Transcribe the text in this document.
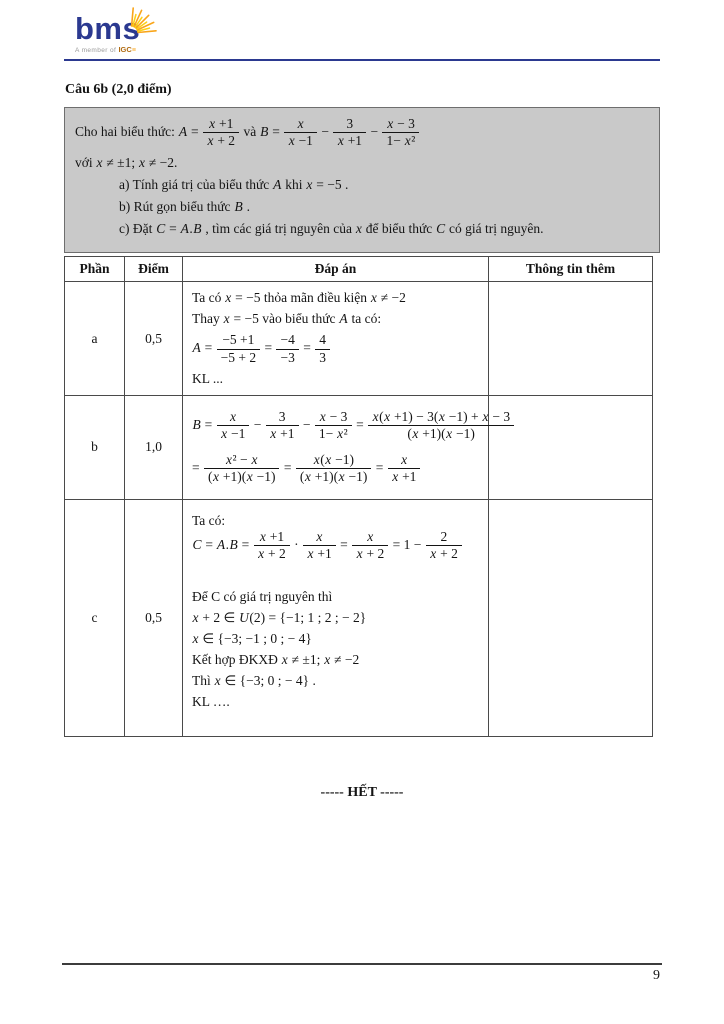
bms
A member of IGC≡
Câu 6b (2,0 điểm)
Cho hai biểu thức: $A = \frac{x +1}{x + 2}$ và $B = \frac{x}{x -1} - \frac{3}{x +1} - \frac{x - 3}{\text{1− x²}}$
với x ≠ ±1; x ≠ −2.
a) Tính giá trị của biểu thức A khi x = −5 .
b) Rút gọn biểu thức B .
c) Đặt C = A.B , tìm các giá trị nguyên của x để biểu thức C có giá trị nguyên.
Phần	Điểm	Đáp án	Thông tin thêm
a	0,5	
Ta có x = −5 thỏa mãn điều kiện x ≠ −2
Thay x = −5 vào biểu thức A ta có:
$A = \frac{-5 +1}{-5 + 2} = \frac{-4}{-3} = \frac{4}{3}$
KL ...

b	1,0	
$B = \frac{x}{x -1} - \frac{3}{x +1} - \frac{x - 3}{\text{1− x²}} = \frac{x(x +1) - 3(x -1) + x - 3}{(x +1)(x -1)}$
= $\frac{\text{x² − x}}{(x +1)(x -1)} = \frac{x(x -1)}{(x +1)(x -1)} = \frac{x}{x +1}$

c	0,5	
Ta có: $C = A.B = \frac{x +1}{x + 2} \cdot \frac{x}{x +1} = \frac{x}{x + 2} = 1 - \frac{2}{x + 2}$
Để C có giá trị nguyên thì
x + 2 ∈ U(2) = {−1; 1 ; 2 ; − 2}
x ∈ {−3; −1 ; 0 ; − 4}
Kết hợp ĐKXĐ x ≠ ±1; x ≠ −2
Thì x ∈ {−3; 0 ; − 4} .
KL ….

----- HẾT -----
9
